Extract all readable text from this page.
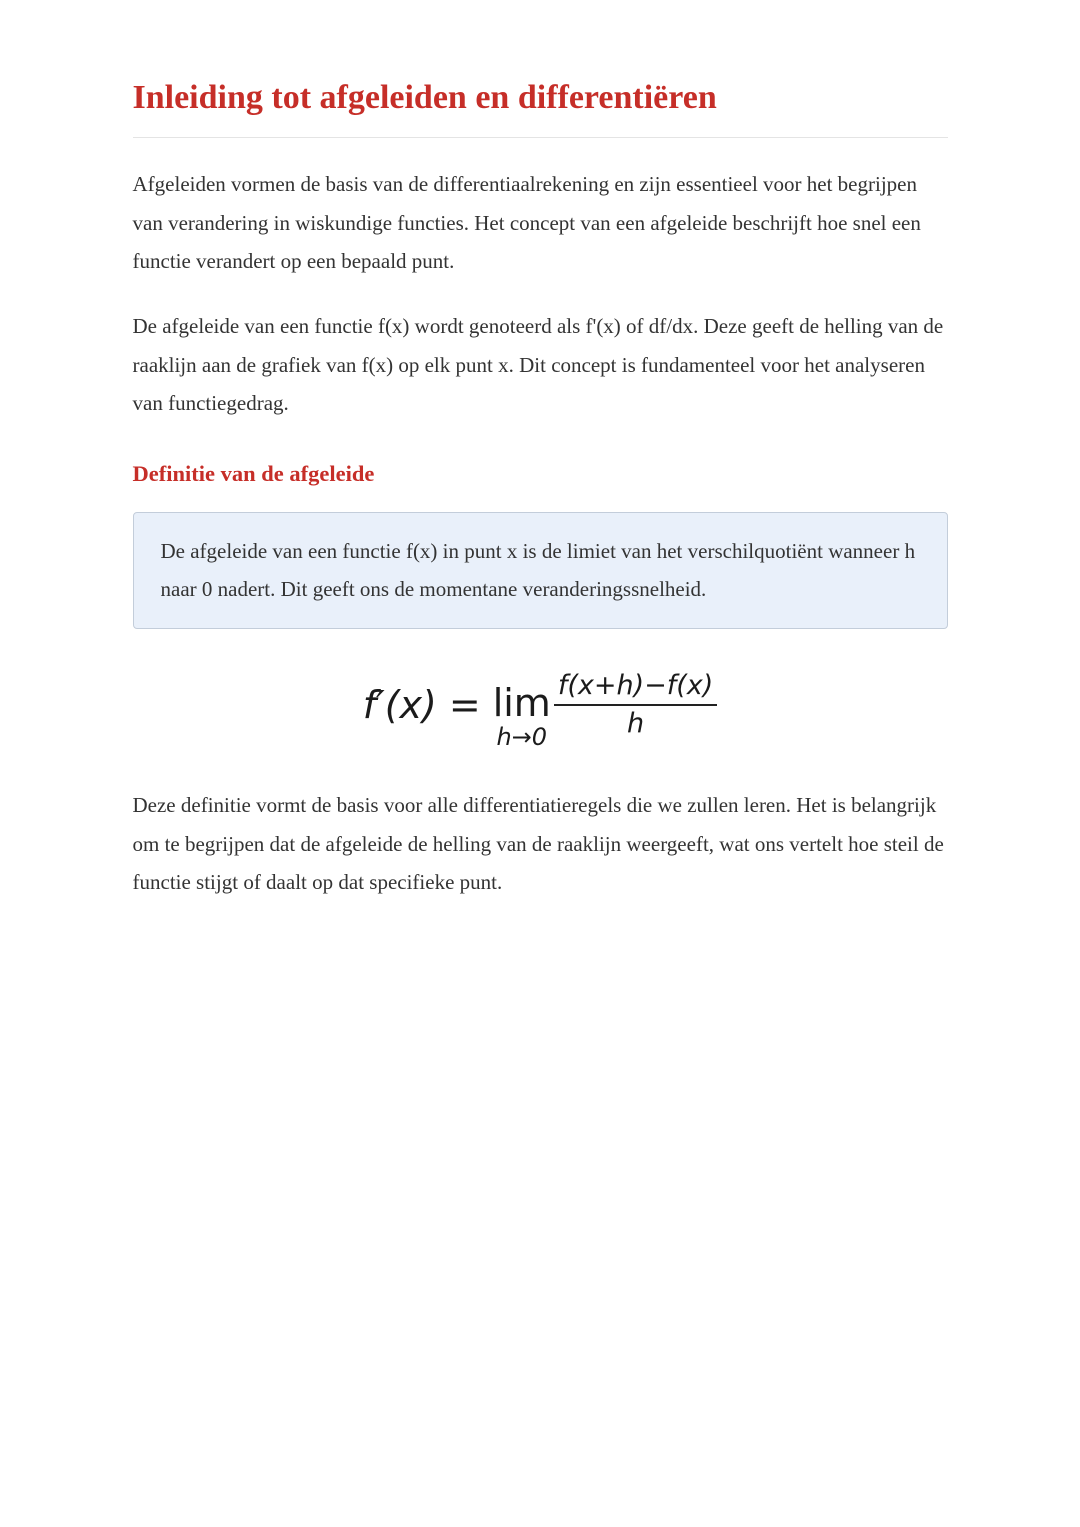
Inleiding tot afgeleiden en differentiëren

Afgeleiden vormen de basis van de differentiaalrekening en zijn essentieel voor het begrijpen van verandering in wiskundige functies. Het concept van een afgeleide beschrijft hoe snel een functie verandert op een bepaald punt.

De afgeleide van een functie f(x) wordt genoteerd als f'(x) of df/dx. Deze geeft de helling van de raaklijn aan de grafiek van f(x) op elk punt x. Dit concept is fundamenteel voor het analyseren van functiegedrag.

Definitie van de afgeleide

De afgeleide van een functie f(x) in punt x is de limiet van het verschilquotiënt wanneer h naar 0 nadert. Dit geeft ons de momentane veranderingssnelheid.

f′(x) = lim
$h\to 0 \frac{f(x+h)-f(x)}{h}$

Deze definitie vormt de basis voor alle differentiatieregels die we zullen leren. Het is belangrijk om te begrijpen dat de afgeleide de helling van de raaklijn weergeeft, wat ons vertelt hoe steil de functie stijgt of daalt op dat specifieke punt.
